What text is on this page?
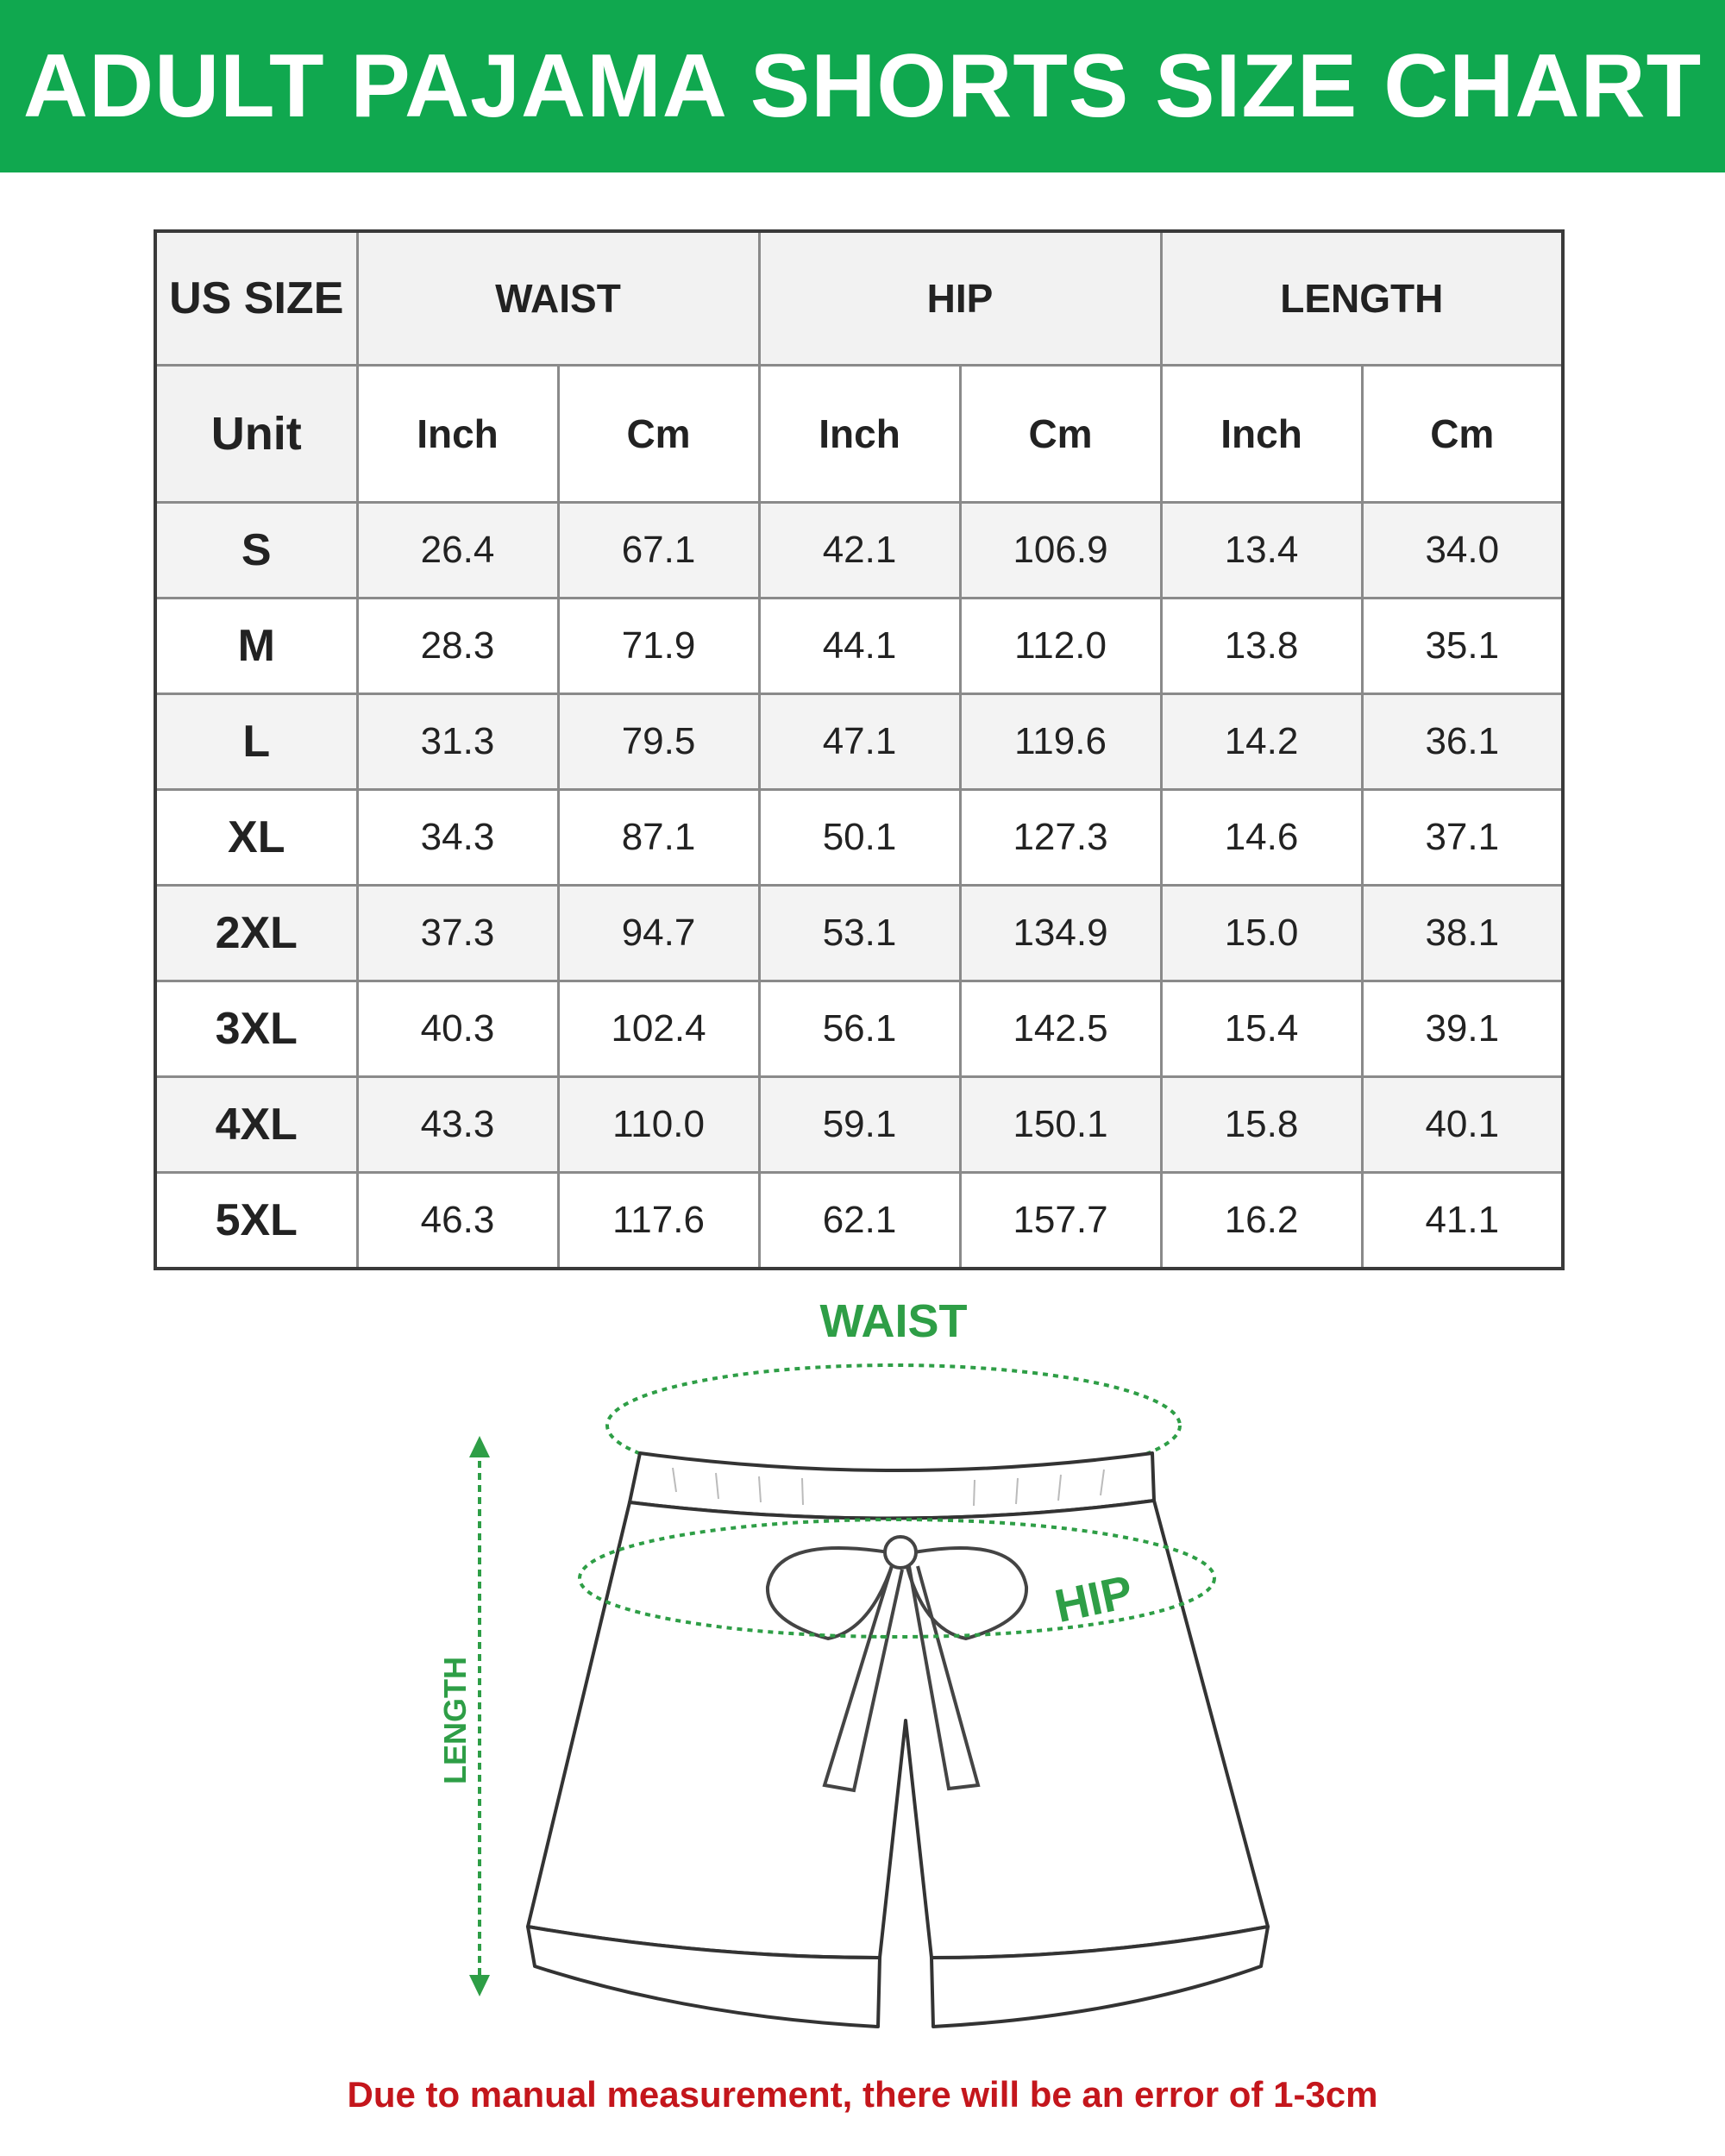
ADULT PAJAMA SHORTS SIZE CHART
US SIZE	WAIST		HIP		LENGTH	
Unit	Inch	Cm	Inch	Cm	Inch	Cm
S	26.4	67.1	42.1	106.9	13.4	34.0
M	28.3	71.9	44.1	112.0	13.8	35.1
L	31.3	79.5	47.1	119.6	14.2	36.1
XL	34.3	87.1	50.1	127.3	14.6	37.1
2XL	37.3	94.7	53.1	134.9	15.0	38.1
3XL	40.3	102.4	56.1	142.5	15.4	39.1
4XL	43.3	110.0	59.1	150.1	15.8	40.1
5XL	46.3	117.6	62.1	157.7	16.2	41.1
WAIST
LENGTH
HIP
Due to manual measurement, there will be an error of 1-3cm
